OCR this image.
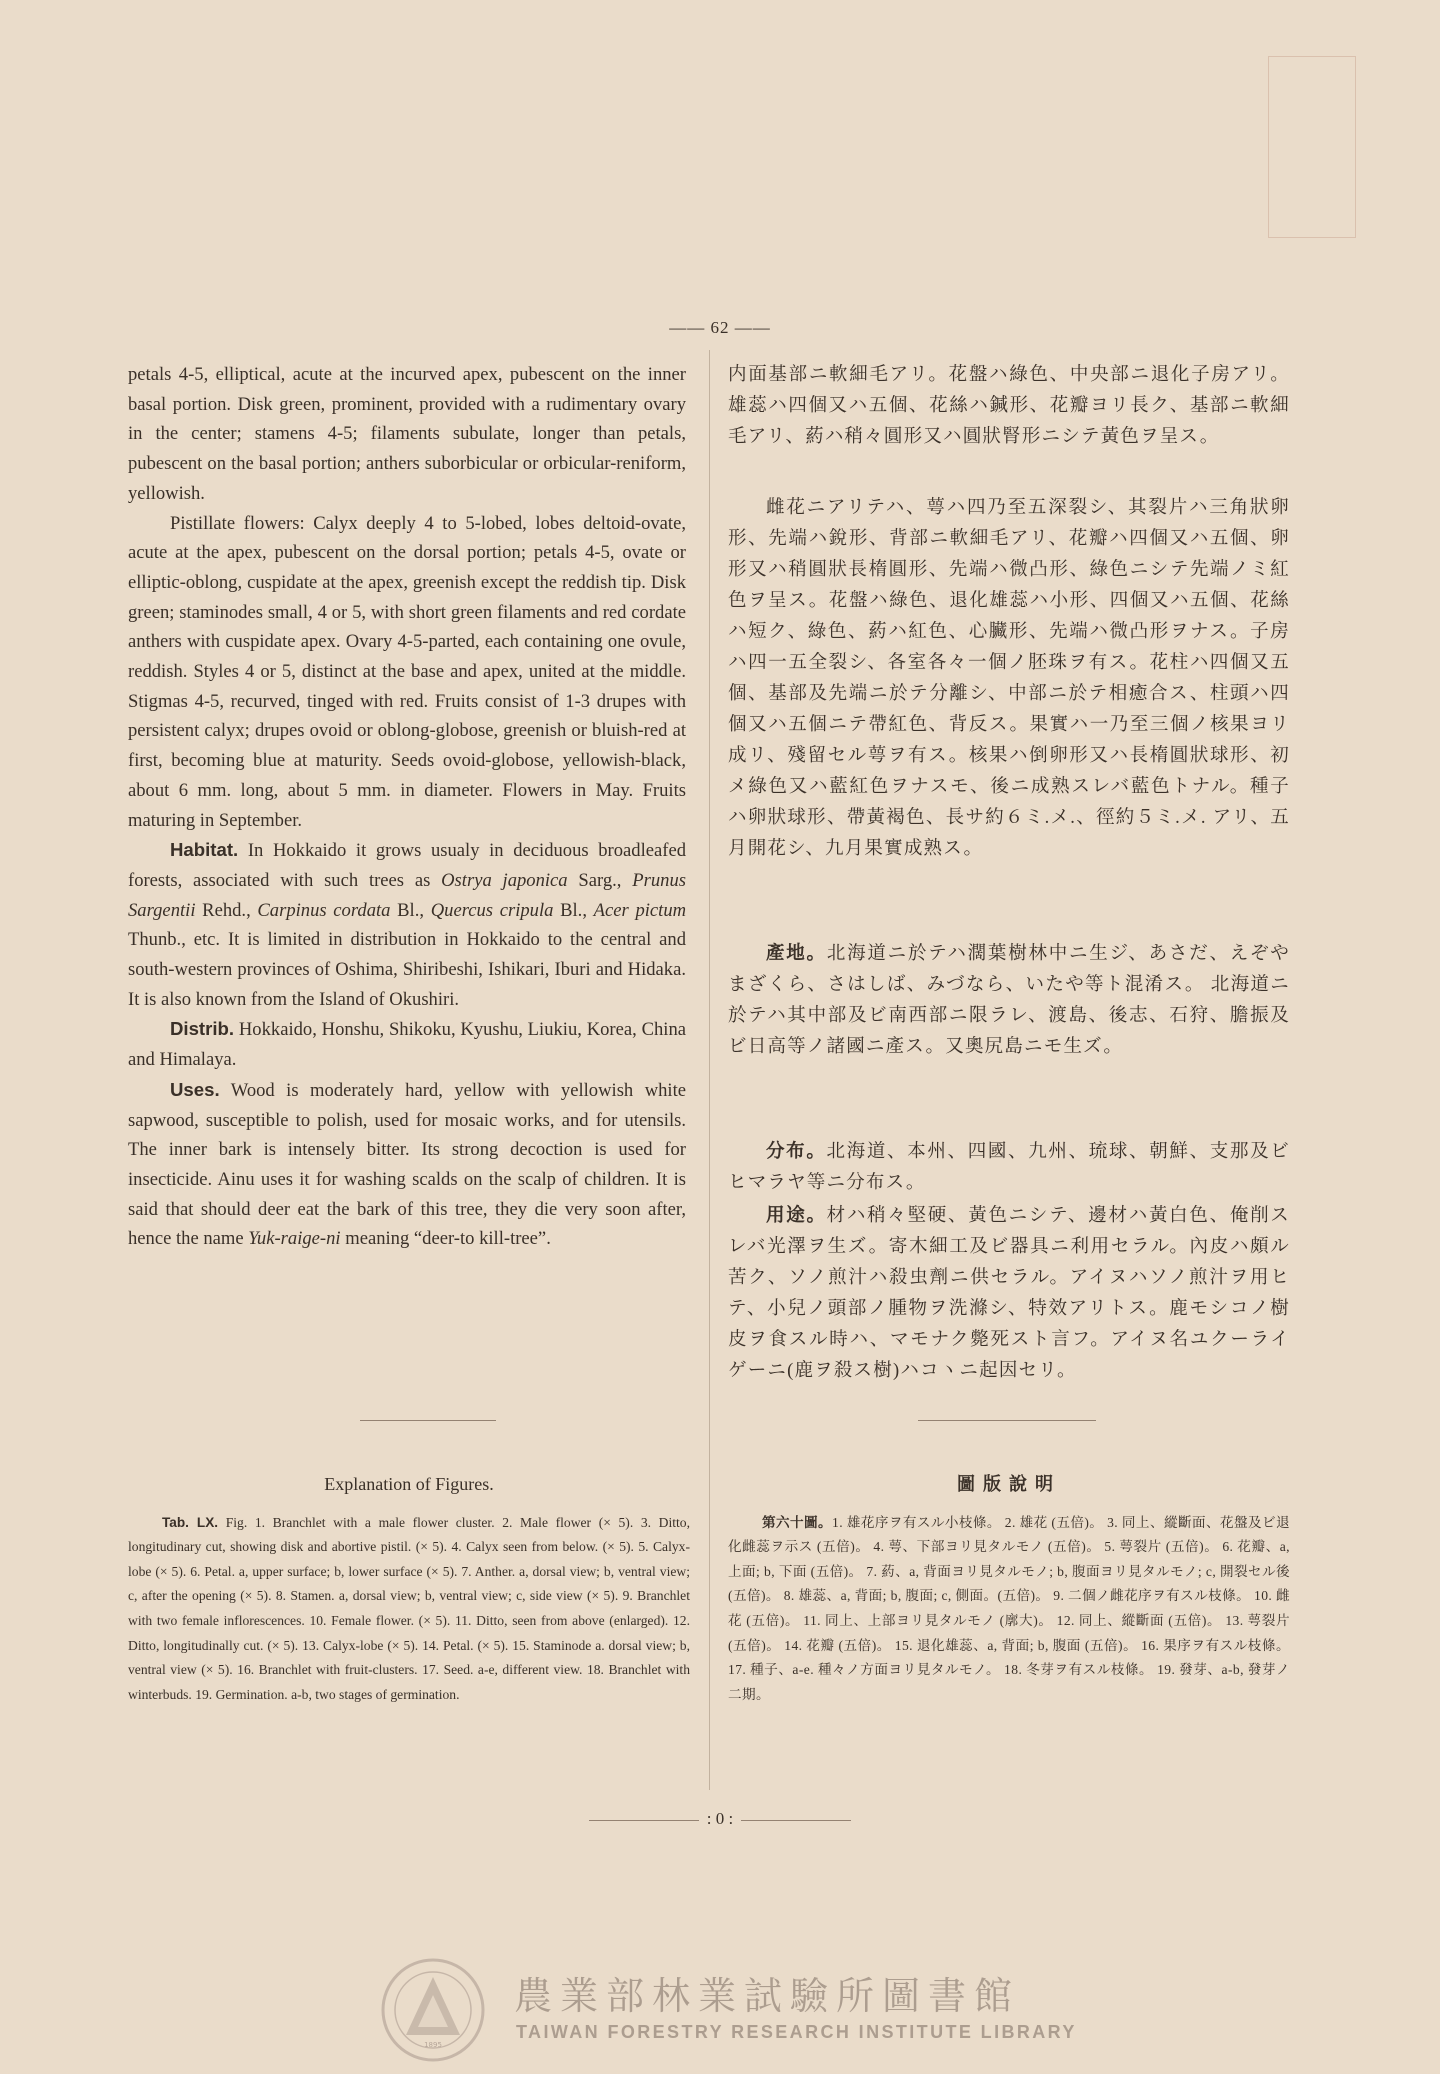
—— 62 ——

petals 4-5, elliptical, acute at the incurved apex, pubescent on the inner basal portion. Disk green, prominent, provided with a rudimentary ovary in the center; stamens 4-5; filaments subulate, longer than petals, pubescent on the basal portion; anthers suborbicular or orbicular-reniform, yellowish.

Pistillate flowers: Calyx deeply 4 to 5-lobed, lobes deltoid-ovate, acute at the apex, pubescent on the dorsal portion; petals 4-5, ovate or elliptic-oblong, cuspidate at the apex, greenish except the reddish tip. Disk green; staminodes small, 4 or 5, with short green filaments and red cordate anthers with cuspidate apex. Ovary 4-5-parted, each containing one ovule, reddish. Styles 4 or 5, distinct at the base and apex, united at the middle. Stigmas 4-5, recurved, tinged with red. Fruits consist of 1-3 drupes with persistent calyx; drupes ovoid or oblong-globose, greenish or bluish-red at first, becoming blue at maturity. Seeds ovoid-globose, yellowish-black, about 6 mm. long, about 5 mm. in diameter. Flowers in May. Fruits maturing in September.

Habitat. In Hokkaido it grows usualy in deciduous broadleafed forests, associated with such trees as Ostrya japonica Sarg., Prunus Sargentii Rehd., Carpinus cordata Bl., Quercus cripula Bl., Acer pictum Thunb., etc. It is limited in distribution in Hokkaido to the central and south-western provinces of Oshima, Shiribeshi, Ishikari, Iburi and Hidaka. It is also known from the Island of Okushiri.

Distrib. Hokkaido, Honshu, Shikoku, Kyushu, Liukiu, Korea, China and Himalaya.

Uses. Wood is moderately hard, yellow with yellowish white sapwood, susceptible to polish, used for mosaic works, and for utensils. The inner bark is intensely bitter. Its strong decoction is used for insecticide. Ainu uses it for washing scalds on the scalp of children. It is said that should deer eat the bark of this tree, they die very soon after, hence the name Yuk-raige-ni meaning “deer-to kill-tree”.

内面基部ニ軟細毛アリ。花盤ハ綠色、中央部ニ退化子房アリ。雄蕊ハ四個又ハ五個、花絲ハ鍼形、花瓣ヨリ長ク、基部ニ軟細毛アリ、葯ハ稍々圓形又ハ圓狀腎形ニシテ黃色ヲ呈ス。

雌花ニアリテハ、萼ハ四乃至五深裂シ、其裂片ハ三角狀卵形、先端ハ銳形、背部ニ軟細毛アリ、花瓣ハ四個又ハ五個、卵形又ハ稍圓狀長楕圓形、先端ハ微凸形、綠色ニシテ先端ノミ紅色ヲ呈ス。花盤ハ綠色、退化雄蕊ハ小形、四個又ハ五個、花絲ハ短ク、綠色、葯ハ紅色、心臟形、先端ハ微凸形ヲナス。子房ハ四一五全裂シ、各室各々一個ノ胚珠ヲ有ス。花柱ハ四個又五個、基部及先端ニ於テ分離シ、中部ニ於テ相癒合ス、柱頭ハ四個又ハ五個ニテ帶紅色、背反ス。果實ハ一乃至三個ノ核果ヨリ成リ、殘留セル萼ヲ有ス。核果ハ倒卵形又ハ長楕圓狀球形、初メ綠色又ハ藍紅色ヲナスモ、後ニ成熟スレバ藍色トナル。種子ハ卵狀球形、帶黃褐色、長サ約６ミ.メ.、徑約５ミ.メ. アリ、五月開花シ、九月果實成熟ス。

產地。北海道ニ於テハ濶葉樹林中ニ生ジ、あさだ、えぞやまざくら、さはしば、みづなら、いたや等ト混淆ス。 北海道ニ於テハ其中部及ビ南西部ニ限ラレ、渡島、後志、石狩、膽振及ビ日高等ノ諸國ニ產ス。又奧尻島ニモ生ズ。

分布。北海道、本州、四國、九州、琉球、朝鮮、支那及ビヒマラヤ等ニ分布ス。

用途。材ハ稍々堅硬、黃色ニシテ、邊材ハ黃白色、俺削スレバ光澤ヲ生ズ。寄木細工及ビ器具ニ利用セラル。內皮ハ頗ル苦ク、ソノ煎汁ハ殺虫劑ニ供セラル。アイヌハソノ煎汁ヲ用ヒテ、小兒ノ頭部ノ腫物ヲ洗滌シ、特效アリトス。鹿モシコノ樹皮ヲ食スル時ハ、マモナク斃死スト言フ。アイヌ名ユクーライゲーニ(鹿ヲ殺ス樹)ハコヽニ起因セリ。

Explanation of Figures.

Tab. LX. Fig. 1. Branchlet with a male flower cluster. 2. Male flower (× 5). 3. Ditto, longitudinary cut, showing disk and abortive pistil. (× 5). 4. Calyx seen from below. (× 5). 5. Calyx-lobe (× 5). 6. Petal. a, upper surface; b, lower surface (× 5). 7. Anther. a, dorsal view; b, ventral view; c, after the opening (× 5). 8. Stamen. a, dorsal view; b, ventral view; c, side view (× 5). 9. Branchlet with two female inflorescences. 10. Female flower. (× 5). 11. Ditto, seen from above (enlarged). 12. Ditto, longitudinally cut. (× 5). 13. Calyx-lobe (× 5). 14. Petal. (× 5). 15. Staminode a. dorsal view; b, ventral view (× 5). 16. Branchlet with fruit-clusters. 17. Seed. a-e, different view. 18. Branchlet with winterbuds. 19. Germination. a-b, two stages of germination.

圖版說明

第六十圖。1. 雄花序ヲ有スル小枝條。 2. 雄花 (五倍)。 3. 同上、縱斷面、花盤及ビ退化雌蕊ヲ示ス (五倍)。 4. 萼、下部ヨリ見タルモノ (五倍)。 5. 萼裂片 (五倍)。 6. 花瓣、a, 上面; b, 下面 (五倍)。 7. 葯、a, 背面ヨリ見タルモノ; b, 腹面ヨリ見タルモノ; c, 開裂セル後 (五倍)。 8. 雄蕊、a, 背面; b, 腹面; c, 側面。(五倍)。 9. 二個ノ雌花序ヲ有スル枝條。 10. 雌花 (五倍)。 11. 同上、上部ヨリ見タルモノ (廓大)。 12. 同上、縱斷面 (五倍)。 13. 萼裂片 (五倍)。 14. 花瓣 (五倍)。 15. 退化雄蕊、a, 背面; b, 腹面 (五倍)。 16. 果序ヲ有スル枝條。 17. 種子、a-e. 種々ノ方面ヨリ見タルモノ。 18. 冬芽ヲ有スル枝條。 19. 發芽、a-b, 發芽ノ二期。

: 0 :
1895
農業部林業試驗所圖書館
TAIWAN FORESTRY RESEARCH INSTITUTE LIBRARY
